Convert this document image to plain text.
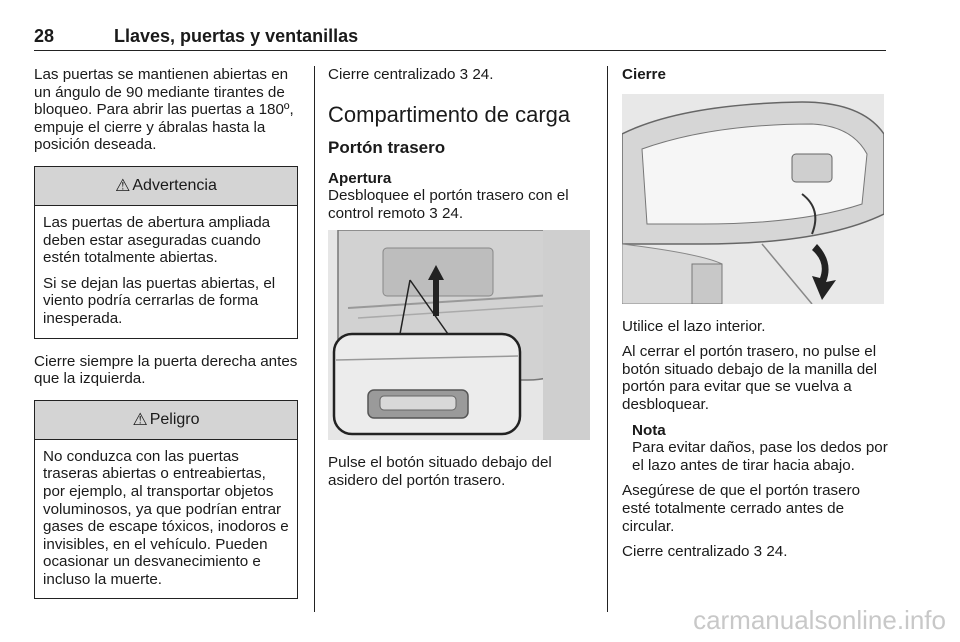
28	Llaves, puertas y ventanillas

Las puertas se mantienen abiertas en un ángulo de 90 mediante tirantes de bloqueo. Para abrir las puertas a 180º, empuje el cierre y ábralas hasta la posición deseada.

⚠ Advertencia

Las puertas de abertura ampliada deben estar aseguradas cuando estén totalmente abiertas.

Si se dejan las puertas abiertas, el viento podría cerrarlas de forma inesperada.

Cierre siempre la puerta derecha antes que la izquierda.

⚠ Peligro

No conduzca con las puertas traseras abiertas o entreabiertas, por ejemplo, al transportar objetos voluminosos, ya que podrían entrar gases de escape tóxicos, inodoros e invisibles, en el vehículo. Pueden ocasionar un desvanecimiento e incluso la muerte.

Cierre centralizado 3 24.

Compartimento de carga
Portón trasero
Apertura

Desbloquee el portón trasero con el control remoto 3 24.

Pulse el botón situado debajo del asidero del portón trasero.

Cierre

Utilice el lazo interior.

Al cerrar el portón trasero, no pulse el botón situado debajo de la manilla del portón para evitar que se vuelva a desbloquear.

Nota

Para evitar daños, pase los dedos por el lazo antes de tirar hacia abajo.

Asegúrese de que el portón trasero esté totalmente cerrado antes de circular.

Cierre centralizado 3 24.

carmanualsonline.info
